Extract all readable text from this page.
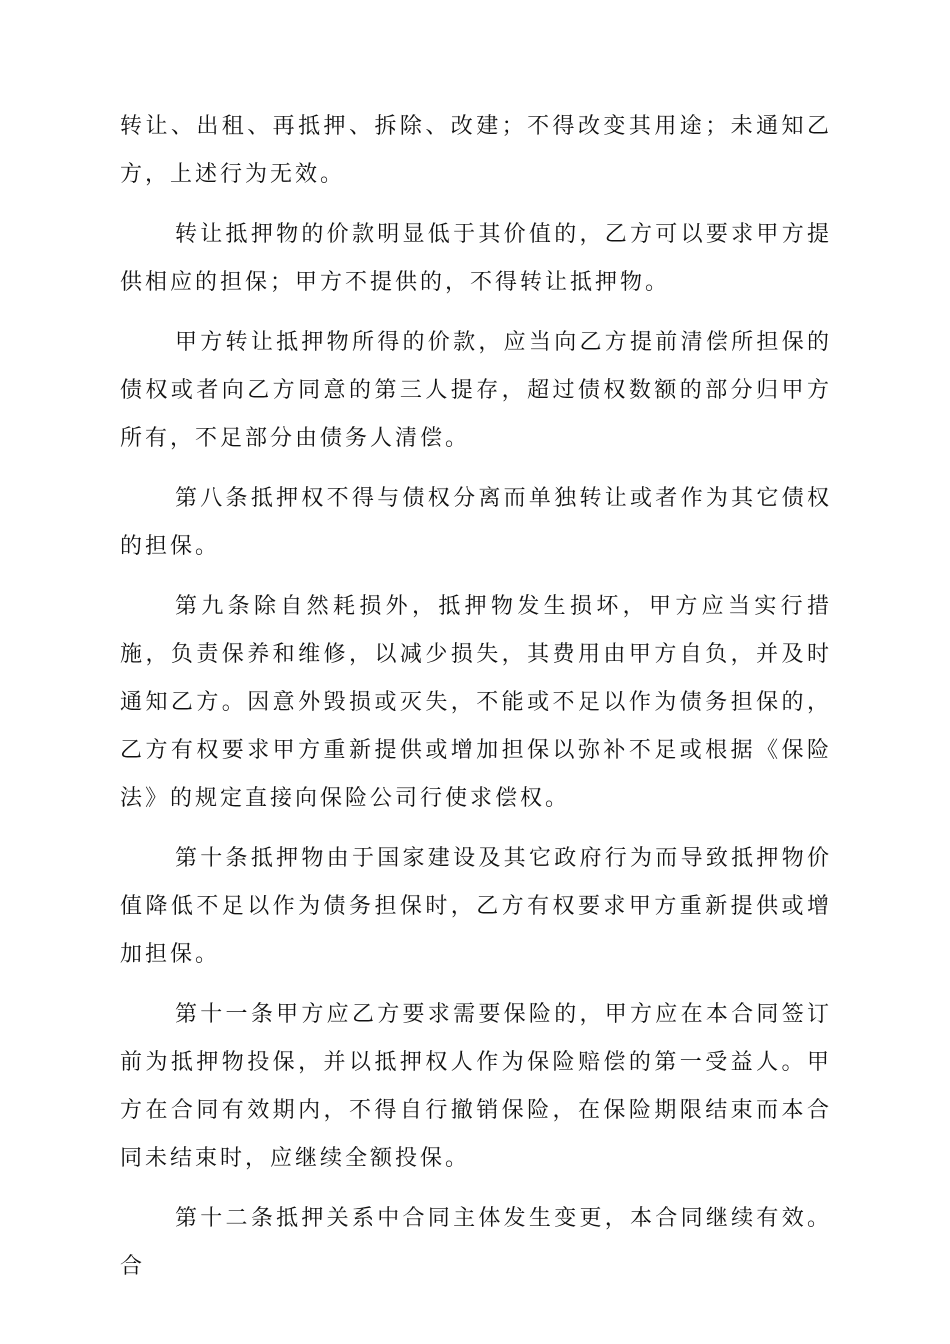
转让、出租、再抵押、拆除、改建；不得改变其用途；未通知乙方，上述行为无效。

转让抵押物的价款明显低于其价值的，乙方可以要求甲方提供相应的担保；甲方不提供的，不得转让抵押物。

甲方转让抵押物所得的价款，应当向乙方提前清偿所担保的债权或者向乙方同意的第三人提存，超过债权数额的部分归甲方所有，不足部分由债务人清偿。

第八条抵押权不得与债权分离而单独转让或者作为其它债权的担保。

第九条除自然耗损外，抵押物发生损坏，甲方应当实行措施，负责保养和维修，以减少损失，其费用由甲方自负，并及时通知乙方。因意外毁损或灭失，不能或不足以作为债务担保的，乙方有权要求甲方重新提供或增加担保以弥补不足或根据《保险法》的规定直接向保险公司行使求偿权。

第十条抵押物由于国家建设及其它政府行为而导致抵押物价值降低不足以作为债务担保时，乙方有权要求甲方重新提供或增加担保。

第十一条甲方应乙方要求需要保险的，甲方应在本合同签订前为抵押物投保，并以抵押权人作为保险赔偿的第一受益人。甲方在合同有效期内，不得自行撤销保险，在保险期限结束而本合同未结束时，应继续全额投保。

第十二条抵押关系中合同主体发生变更，本合同继续有效。合
